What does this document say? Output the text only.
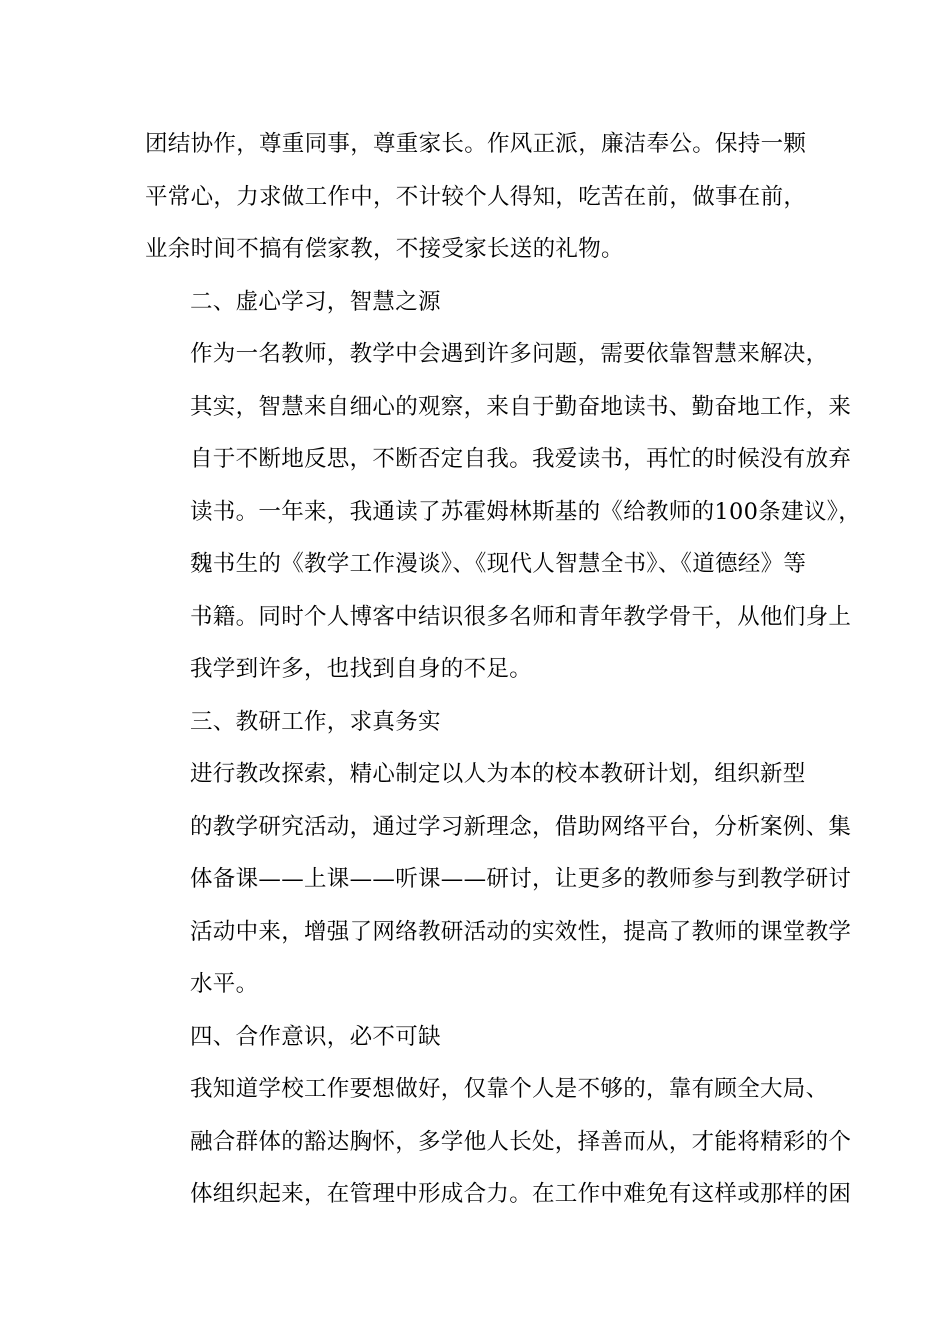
团结协作，尊重同事，尊重家长。作风正派，廉洁奉公。保持一颗
平常心，力求做工作中，不计较个人得知，吃苦在前，做事在前，
业余时间不搞有偿家教，不接受家长送的礼物。

二、虚心学习，智慧之源

作为一名教师，教学中会遇到许多问题，需要依靠智慧来解决，
其实，智慧来自细心的观察，来自于勤奋地读书、勤奋地工作，来
自于不断地反思，不断否定自我。我爱读书，再忙的时候没有放弃
读书。一年来，我通读了苏霍姆林斯基的《给教师的100条建议》，
魏书生的《教学工作漫谈》、《现代人智慧全书》、《道德经》等
书籍。同时个人博客中结识很多名师和青年教学骨干，从他们身上
我学到许多，也找到自身的不足。

三、教研工作，求真务实

进行教改探索，精心制定以人为本的校本教研计划，组织新型
的教学研究活动，通过学习新理念，借助网络平台，分析案例、集
体备课——上课——听课——研讨，让更多的教师参与到教学研讨
活动中来，增强了网络教研活动的实效性，提高了教师的课堂教学
水平。

四、合作意识，必不可缺

我知道学校工作要想做好，仅靠个人是不够的，靠有顾全大局、
融合群体的豁达胸怀，多学他人长处，择善而从，才能将精彩的个
体组织起来，在管理中形成合力。在工作中难免有这样或那样的困
